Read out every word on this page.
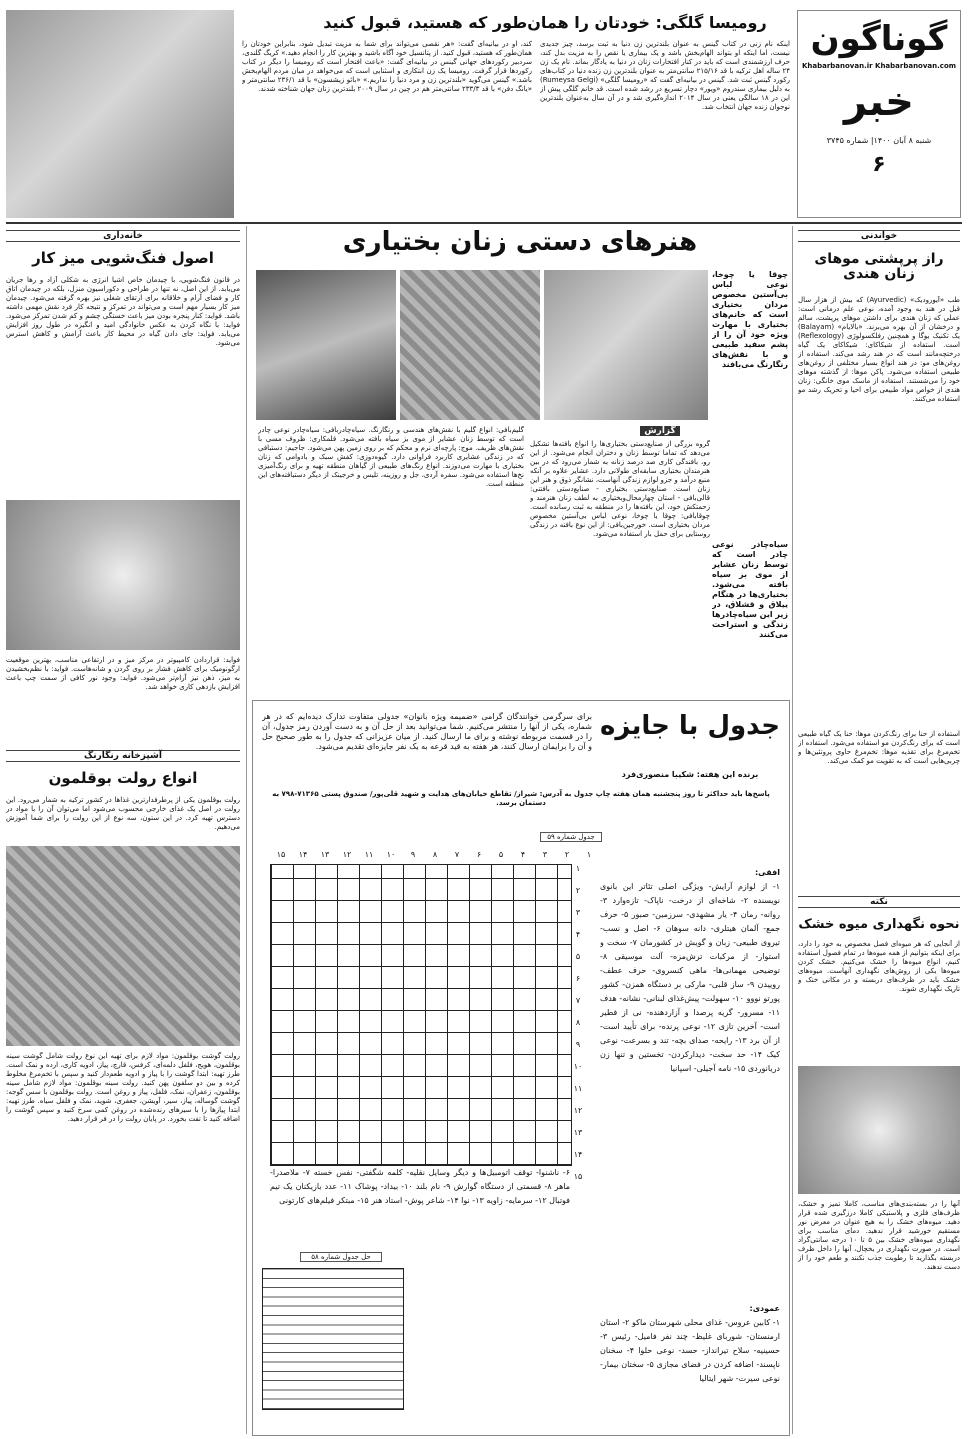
گوناگون
Khabarbanovan.ir Khabarbanovan.com
خبر
شنبه ۸ آبان ۱۴۰۰| شماره ۳۷۴۵
۶
رومیسا گلگی: خودتان را همان‌طور که هستید، قبول کنید
اینکه نام زنی در کتاب گینس به عنوان بلندترین زن دنیا به ثبت برسد، چیز جدیدی نیست، اما اینکه او بتواند الهام‌بخش باشد و یک بیماری یا نقص را به مزیت بدل کند، حرف ارزشمندی است که باید در کنار افتخارات زنان در دنیا به یادگار بماند. نام یک زن ۲۴ ساله اهل ترکیه با قد ۲۱۵/۱۶ سانتی‌متر به عنوان بلندترین زن زنده دنیا در کتاب‌های رکورد گینس ثبت شد. گینس در بیانیه‌ای گفت که «رومیسا گلگی» (Rumeysa Gelgi) به دلیل بیماری سندروم «ویور» دچار تسریع در رشد شده است. قد خانم گلگی پیش از این در ۱۸ سالگی یعنی در سال ۲۰۱۴ اندازه‌گیری شد و در آن سال به‌عنوان بلندترین نوجوان زنده جهان انتخاب شد.
کند، او در بیانیه‌ای گفت: «هر نقصی می‌تواند برای شما به مزیت تبدیل شود، بنابراین خودتان را همان‌طور که هستید، قبول کنید. از پتانسیل خود آگاه باشید و بهترین کار را انجام دهید.» کریگ گلندی، سردبیر رکوردهای جهانی گینس در بیانیه‌ای گفت: «باعث افتخار است که رومیسا را دیگر در کتاب رکوردها قرار گرفت. رومیسا یک زن ابتکاری و اسثنایی است که می‌خواهد در میان مردم الهام‌بخش باشد.» گینس می‌گوید «بلندترین زن و مرد دنیا را نداریم.» «بائو زیشسون» با قد ۲۳۶/۱ سانتی‌متر و «یانگ دفن» با قد ۲۳۳/۳ سانتی‌متر هم در چین در سال ۲۰۰۹ بلندترین زنان جهان شناخته شدند.
خانه‌داری
اصول فنگ‌شویی میز کار
در قانون فنگ‌شویی، با چیدمان خاص اشیا انرژی به شکلی آزاد و رها جریان می‌یابد. از این اصل، نه تنها در طراحی و دکوراسیون منزل، بلکه در چیدمان اتاق کار و فضای آرام و خلاقانه برای ارتقای شغلی نیز بهره گرفته می‌شود. چیدمان میز کار بسیار مهم است و می‌تواند در تمرکز و نتیجه کار فرد نقش مهمی داشته باشد. فواید: کنار پنجره بودن میز باعث خستگی چشم و کم شدن تمرکز می‌شود. فواید: با نگاه کردن به عکس خانوادگی امید و انگیزه در طول روز افزایش می‌یابد. فواید: جای دادن گیاه در محیط کار باعث آرامش و کاهش استرس می‌شود.
فواید: قراردادن کامپیوتر در مرکز میز و در ارتفاعی مناسب، بهترین موقعیت ارگونومیک برای کاهش فشار بر روی گردن و شانه‌هاست. فواید: با نظم‌بخشیدن به میز، ذهن نیز آرام‌تر می‌شود. فواید: وجود نور کافی از سمت چپ باعث افزایش بازدهی کاری خواهد شد.
آشپزخانه رنگارنگ
انواع رولت بوقلمون
رولت بوقلمون یکی از پرطرفدارترین غذاها در کشور ترکیه به شمار می‌رود. این رولت در اصل یک غذای خارجی محسوب می‌شود اما می‌توان آن را با مواد در دسترس تهیه کرد. در این ستون، سه نوع از این رولت را برای شما آموزش می‌دهیم.
رولت گوشت بوقلمون: مواد لازم برای تهیه این نوع رولت شامل گوشت سینه بوقلمون، هویج، فلفل دلمه‌ای، کرفس، قارچ، پیاز، ادویه کاری، ارده و نمک است. طرز تهیه: ابتدا گوشت را با پیاز و ادویه طعم‌دار کنید و سپس با تخم‌مرغ مخلوط کرده و بین دو سلفون پهن کنید. رولت سینه بوقلمون: مواد لازم شامل سینه بوقلمون، زعفران، نمک، فلفل، پیاز و روغن است. رولت بوقلمون با سس گوجه: گوشت گوساله، پیاز، سیر، آویشن، جعفری، شوید، نمک و فلفل سیاه. طرز تهیه: ابتدا پیازها را با سیرهای رنده‌شده در روغن کمی سرخ کنید و سپس گوشت را اضافه کنید تا تفت بخورد. در پایان رولت را در فر قرار دهید.
هنرهای دستی زنان بختیاری
چوقا یا چوخا، نوعی لباس بی‌آستین مخصوص مردان بختیاری است که خانم‌های بختیاری با مهارت ویژه خود آن را از پشم سفید طبیعی و با نقش‌های رنگارنگ می‌بافند
گزارش
گروه بزرگی از صنایع‌دستی بختیاری‌ها را انواع بافته‌ها تشکیل می‌دهد که تماما توسط زنان و دختران انجام می‌شود. از این رو، بافندگی کاری صد درصد زنانه به شمار می‌رود که در بین هنرمندان بختیاری سابقه‌ای طولانی دارد. عشایر علاوه بر آنکه منبع درآمد و جزو لوازم زندگی آنهاست، نشانگر ذوق و هنر این زنان است. صنایع‌دستی بختیاری - صنایع‌دستی بافتنی: قالی‌بافی - استان چهارمحال‌وبختیاری به لطف زنان هنرمند و زحمتکش خود، این بافته‌ها را در منطقه به ثبت رسانده است. چوقابافی: چوقا یا چوخا، نوعی لباس بی‌آستین مخصوص مردان بختیاری است. خورجین‌بافی: از این نوع بافته در زندگی روستایی برای حمل بار استفاده می‌شود.
سیاه‌چادر نوعی چادر است که توسط زنان عشایر از موی بز سیاه بافته می‌شود. بختیاری‌ها در هنگام ییلاق و قشلاق، در زیر این سیاه‌چادرها زندگی و استراحت می‌کنند
گلیم‌بافی: انواع گلیم با نقش‌های هندسی و رنگارنگ. سیاه‌چادربافی: سیاه‌چادر نوعی چادر است که توسط زنان عشایر از موی بز سیاه بافته می‌شود. قلمکاری: ظروف مسی با نقش‌های ظریف. موج: پارچه‌ای نرم و محکم که بر روی زمین پهن می‌شود. جاجیم: دستبافی که در زندگی عشایری کاربرد فراوانی دارد. گیوه‌دوزی: کفش سبک و بادوامی که زنان بختیاری با مهارت می‌دوزند. انواع رنگ‌های طبیعی از گیاهان منطقه تهیه و برای رنگ‌آمیزی نخ‌ها استفاده می‌شود. سفره آردی، جل و روزینه، تلیس و خرجینک از دیگر دستبافته‌های این منطقه است.
جدول با جایزه
برای سرگرمی خوانندگان گرامی «ضمیمه ویژه بانوان» جدولی متفاوت تدارک دیده‌ایم که در هر شماره، یکی از آنها را منتشر می‌کنیم. شما می‌توانید بعد از حل آن و به دست آوردن رمز جدول، آن را در قسمت مربوطه نوشته و برای ما ارسال کنید. از میان عزیزانی که جدول را به طور صحیح حل و آن را برایمان ارسال کنند، هر هفته به قید قرعه به یک نفر جایزه‌ای تقدیم می‌شود.
برنده این هفته: شکیبا منصوری‌فرد
پاسخ‌ها باید حداکثر تا روز پنجشنبه همان هفته چاپ جدول به آدرس: شیراز/ تقاطع خیابان‌های هدایت و شهید قلی‌پور/ صندوق پستی ۷۱۳۶۵-۷۹۸ به دستمان برسد.
جدول شماره ۵۹
۱
۲
۳
۴
۵
۶
۷
۸
۹
۱۰
۱۱
۱۲
۱۳
۱۴
۱۵
۱
۲
۳
۴
۵
۶
۷
۸
۹
۱۰
۱۱
۱۲
۱۳
۱۴
۱۵
افقی:
۱- از لوازم آرایش- ویژگی اصلی تئاتر این بانوی نویسنده ۲- شاخه‌ای از درخت- ناپاک- تازه‌وارد ۳- روانه- رمان ۴- یار مشهدی- سرزمین- صبور ۵- حرف جمع- آلمان هیتلری- دانه سوهان ۶- اصل و نسب- تیروی طبیعی- زبان و گویش در کشورمان ۷- سخت و استوار- از مرکبات ترش‌مزه- آلت موسیقی ۸- توضیحی مهمانی‌ها- ماهی کنسروی- حرف عطف- روییدن ۹- ساز قلبی- مارکی بر دستگاه همزن- کشور پورتو نووو ۱۰- سهولت- پیش‌غذای لبنانی- نشانه- هدف ۱۱- مسرور- گریه پرصدا و آزاردهنده- نی از فطیر است- آخرین تازی ۱۲- نوعی پرنده- برای تأیید است- از آن برد ۱۳- رایحه- صدای بچه- تند و بسرعت- نوعی کیک ۱۴- حد سخت- دیدارکردن- تخستین و تنها زن دریانوردی ۱۵- نامه آجیلی- اسپانیا
۶- ناشنوا- توقف اتومبیل‌ها و دیگر وسایل نقلیه- کلمه شگفتی- نفس خسته ۷- ملاصدرا- ماهر ۸- قسمتی از دستگاه گوارش ۹- نام بلند ۱۰- بیداد- پوشاک ۱۱- عدد بازیکنان یک تیم فوتبال ۱۲- سرمایه- زاویه ۱۳- نوا ۱۴- شاعر پوش- استاد هنر ۱۵- مبتکر فیلم‌های کارتونی
عمودی:
۱- کابین عروس- غذای محلی شهرستان ماکو ۲- استان ارمنستان- شوربای غلیظ- چند نفر فامیل- رئیس ۳- حسینیه- سلاح تیرانداز- حسد- نوعی حلوا ۴- سخنان ناپسند- اضافه کردن در فضای مجازی ۵- سختان بیمار- نوعی سیرت- شهر ایتالیا
حل جدول شماره ۵۸
خواندنی
راز پرپشتی موهای زنان هندی
طب «آیورودیک» (Ayurvedic) که بیش از هزار سال قبل در هند به وجود آمده، نوعی علم درمانی است: عملی که زنان هندی برای داشتن موهای پرپشت، سالم و درخشان از آن بهره می‌برند. «بالایام» (Balayam) یک تکنیک یوگا و همچنین رفلکسولوژی (Reflexology) است. استفاده از شیکاکای: شیکاکای یک گیاه درختچه‌مانند است که در هند رشد می‌کند. استفاده از روغن‌های مو: در هند انواع بسیار مختلفی از روغن‌های طبیعی استفاده می‌شود. پاکن موها: از گذشته موهای خود را می‌شستند. استفاده از ماسک موی خانگی: زنان هندی از خواص مواد طبیعی برای احیا و تحریک رشد مو استفاده می‌کنند.
استفاده از حنا برای رنگ‌کردن موها: حنا یک گیاه طبیعی است که برای رنگ‌کردن مو استفاده می‌شود. استفاده از تخم‌مرغ برای تقذیه موها: تخم‌مرغ حاوی پروتئین‌ها و چربی‌هایی است که به تقویت مو کمک می‌کند.
نکته
نحوه نگهداری میوه خشک
از آنجایی که هر میوه‌ای فصل مخصوص به خود را دارد، برای اینکه بتوانیم از همه میوه‌ها در تمام فصول استفاده کنیم، انواع میوه‌ها را خشک می‌کنیم. خشک کردن میوه‌ها یکی از روش‌های نگهداری آنهاست. میوه‌های خشک باید در ظرف‌های دربسته و در مکانی خنک و تاریک نگهداری شوند.
آنها را در بسته‌بندی‌های مناسب، کاملا تمیز و خشک، ظرف‌های فلزی و پلاستیکی کاملا درزگیری شده قرار دهید. میوه‌های خشک را به هیچ عنوان در معرض نور مستقیم خورشید قرار ندهید. دمای مناسب برای نگهداری میوه‌های خشک بین ۵ تا ۱۰ درجه سانتی‌گراد است. در صورت نگهداری در یخچال، آنها را داخل ظرف دربسته بگذارید تا رطوبت جذب نکنند و طعم خود را از دست ندهند.
